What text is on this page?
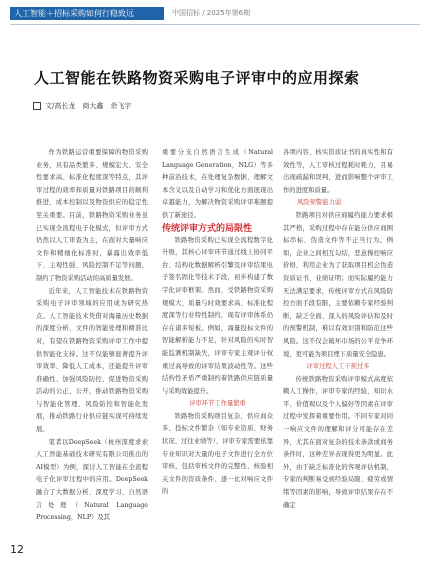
人工智能＋招标采购如何行稳致远	中国招标 / 2025年第6期
人工智能在铁路物资采购电子评审中的应用探索
文/高长龙　商大鑫　余飞宇

作为铁路运营重要保障的物资采购业务，具有品类繁多、规模宏大、安全性要求高、标准化程度深等特点，其评审过程的效率和质量对铁路项目的顺利推进、成本控制以及物资供应的稳定性至关重要。目前，铁路物资采购业务虽已实现全流程电子化模式，但评审方式仍然以人工审查为主，在面对大量响应文件和精细化标准时，暴露出效率低下、主观性强、风险控制不足等问题，制约了物资采购活动的高质量发展。

近年来，人工智能技术在铁路物资采购电子评审领域的应用成为研究热点。人工智能技术凭借对海量历史数据的深度分析、文件的智能处理和精准比对，有望在铁路物资采购评审工作中提供智能化支持。这不仅能够显著提升评审效率、降低人工成本，还能提升评审准确性、加强风险防控、促进物资采购活动的公正、公开，推动铁路物资采购与智能化管理、风险防控和智能化发展，推动铁路行业供应链实现可持续发展。

笔者以DeepSeek（杭州深度求索人工智能基础技术研究有限公司推出的AI模型）为例，探讨人工智能在全流程电子化评审过程中的应用。DeepSeek融合了大数据分析、深度学习、自然语言处理（Natural Language Processing，NLP）及其

重要分支自然语言生成（Natural Language Generation，NLG）等多种前沿技术，在处理复杂数据、理解文本含义以及自动学习和优化方面展现出卓越能力，为解决物资采购评审难题提供了新途径。

传统评审方式的局限性

铁路物资采购已实现全流程数字化升级，其核心评审环节通过线上协同平台、结构化数据解析引擎及评审结果电子签名固化等技术手段，初步构建了数字化评审框架。然而，受铁路物资采购规模大、质量与时效要求高、标准化程度深等行业特性制约，现有评审体系仍存在诸多短板。例如，海量投标文件的智能解析能力不足，针对风险的实时智能监测机制缺失，评审专家主观评分权重过高导致的评审结果波动性等。这些结构性矛盾严重制约着铁路供应链质量与采购效能提升。

评审环节工作量繁重

铁路物资采购项目复杂，供应商众多、投标文件繁杂（如专业资质、财务状况、过往业绩等），评审专家需要依靠专业知识对大量的电子文件进行全方位审核，包括审核文件的完整性、核验相关文件的资质条件、逐一比对响应文件的

各项内容、核实资质证书的真实性和有效性等，人工审核过程耗时耗力，且易出现疏漏和误判，进而影响整个评审工作的进度和质量。

风险预警能力弱

铁路项目对供应商履约能力要求极其严格，采购过程中存在能分供应商围标串标、伪造文件等不正当行为。例如，企业之间相互勾结，恶意操控响应价格，利用企业为了获取项目机会伪造资质证书、业绩证明；而实际履约能力无法满足要求，传统评审方式在风险防控方面手段有限，主要依赖专家经验判断，缺乏全面、深入的风险评估和及时的预警机制，难以有效识别和防范这些风险。这不仅会破坏市场的公平竞争环境，更可能为项目埋下质量安全隐患。

评审过程人工干预过多

传统铁路物资采购评审模式高度依赖人工操作，评审专家的经验、知识水平、价值观以及个人偏好等因素在评审过程中发挥着重要作用。不同专家对同一响应文件的理解和评分可能存在差异，尤其在面对复杂的技术条款或商务条件时，这种差异表现得更为明显。此外，由于缺乏标准化的客观评估机制，专家的判断易受到经验局限、疲劳或情绪等因素的影响，导致评审结果存在不确定

12
